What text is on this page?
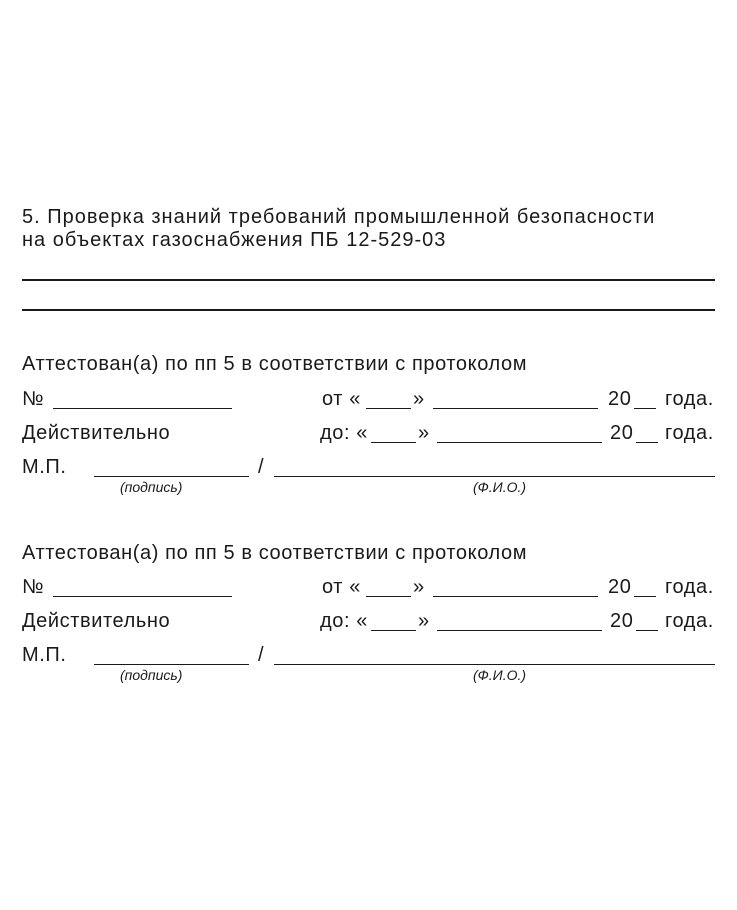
5. Проверка знаний требований промышленной безопасности
на объектах газоснабжения ПБ 12-529-03
Аттестован(а) по пп 5 в соответствии с протоколом
№	от «	»	20 года.
Действительно	до: « »	20 года.
М.П.	/
(подпись)	(Ф.И.О.)
Аттестован(а) по пп 5 в соответствии с протоколом
№	от «	»	20 года.
Действительно	до: « »	20 года.
М.П.	/
(подпись)	(Ф.И.О.)
